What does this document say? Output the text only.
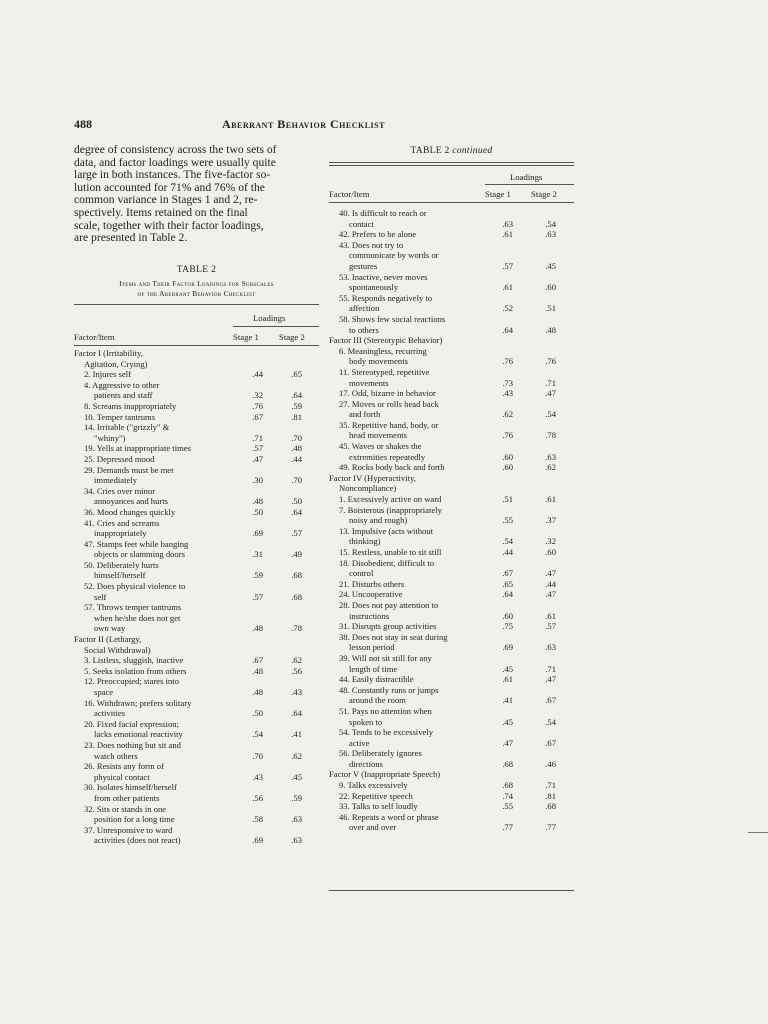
488	Aberrant Behavior Checklist
degree of consistency across the two sets of
data, and factor loadings were usually quite
large in both instances. The five-factor so-
lution accounted for 71% and 76% of the
common variance in Stages 1 and 2, re-
spectively. Items retained on the final
scale, together with their factor loadings,
are presented in Table 2.
TABLE 2
Items and Their Factor Loadings for Subscales
of the Aberrant Behavior Checklist
Loadings
Factor/Item	Stage 1 Stage 2
Factor I (Irritability,
Agitation, Crying)
2. Injures self	.44	.65
4. Aggressive to other
patients and staff	.32	.64
8. Screams inappropriately	.76	.59
10. Temper tantrums	.67	.81
14. Irritable ("grizzly" &
"whiny")	.71	.70
19. Yells at inappropriate times	.57	.48
25. Depressed mood	.47	.44
29. Demands must be met
immediately	.30	.70
34. Cries over minor
annoyances and hurts	.48	.50
36. Mood changes quickly	.50	.64
41. Cries and screams
inappropriately	.69	.57
47. Stamps feet while banging
objects or slamming doors	.31	.49
50. Deliberately hurts
himself/herself	.59	.68
52. Does physical violence to
self	.57	.68
57. Throws temper tantrums
when he/she does not get
own way	.48	.78
Factor II (Lethargy,
Social Withdrawal)
3. Listless, sluggish, inactive	.67	.62
5. Seeks isolation from others	.48	.56
12. Preoccupied; stares into
space	.48	.43
16. Withdrawn; prefers solitary
activities	.50	.64
20. Fixed facial expression;
lacks emotional reactivity	.54	.41
23. Does nothing but sit and
watch others	.70	.62
26. Resists any form of
physical contact	.43	.45
30. Isolates himself/herself
from other patients	.56	.59
32. Sits or stands in one
position for a long time	.58	.63
37. Unresponsive to ward
activities (does not react)	.69	.63
TABLE 2 continued
Loadings
Factor/Item	Stage 1 Stage 2
40. Is difficult to reach or
contact	.63	.54
42. Prefers to be alone	.61	.63
43. Does not try to
communicate by words or
gestures	.57	.45
53. Inactive, never moves
spontaneously	.61	.60
55. Responds negatively to
affection	.52	.51
58. Shows few social reactions
to others	.64	.48
Factor III (Stereotypic Behavior)
6. Meaningless, recurring
body movements	.76	.76
11. Stereotyped, repetitive
movements	.73	.71
17. Odd, bizarre in behavior	.43	.47
27. Moves or rolls head back
and forth	.62	.54
35. Repetitive hand, body, or
head movements	.76	.78
45. Waves or shakes the
extremities repeatedly	.60	.63
49. Rocks body back and forth	.60	.62
Factor IV (Hyperactivity,
Noncompliance)
1. Excessively active on ward	.51	.61
7. Boisterous (inappropriately
noisy and rough)	.55	.37
13. Impulsive (acts without
thinking)	.54	.32
15. Restless, unable to sit still	.44	.60
18. Disobedient, difficult to
control	.67	.47
21. Disturbs others	.65	.44
24. Uncooperative	.64	.47
28. Does not pay attention to
instructions	.60	.61
31. Disrupts group activities	.75	.57
38. Does not stay in seat during
lesson period	.69	.63
39. Will not sit still for any
length of time	.45	.71
44. Easily distractible	.61	.47
48. Constantly runs or jumps
around the room	.41	.67
51. Pays no attention when
spoken to	.45	.54
54. Tends to be excessively
active	.47	.67
56. Deliberately ignores
directions	.68	.46
Factor V (Inappropriate Speech)
9. Talks excessively	.68	.71
22. Repetitive speech	.74	.81
33. Talks to self loudly	.55	.68
46. Repeats a word or phrase
over and over	.77	.77
